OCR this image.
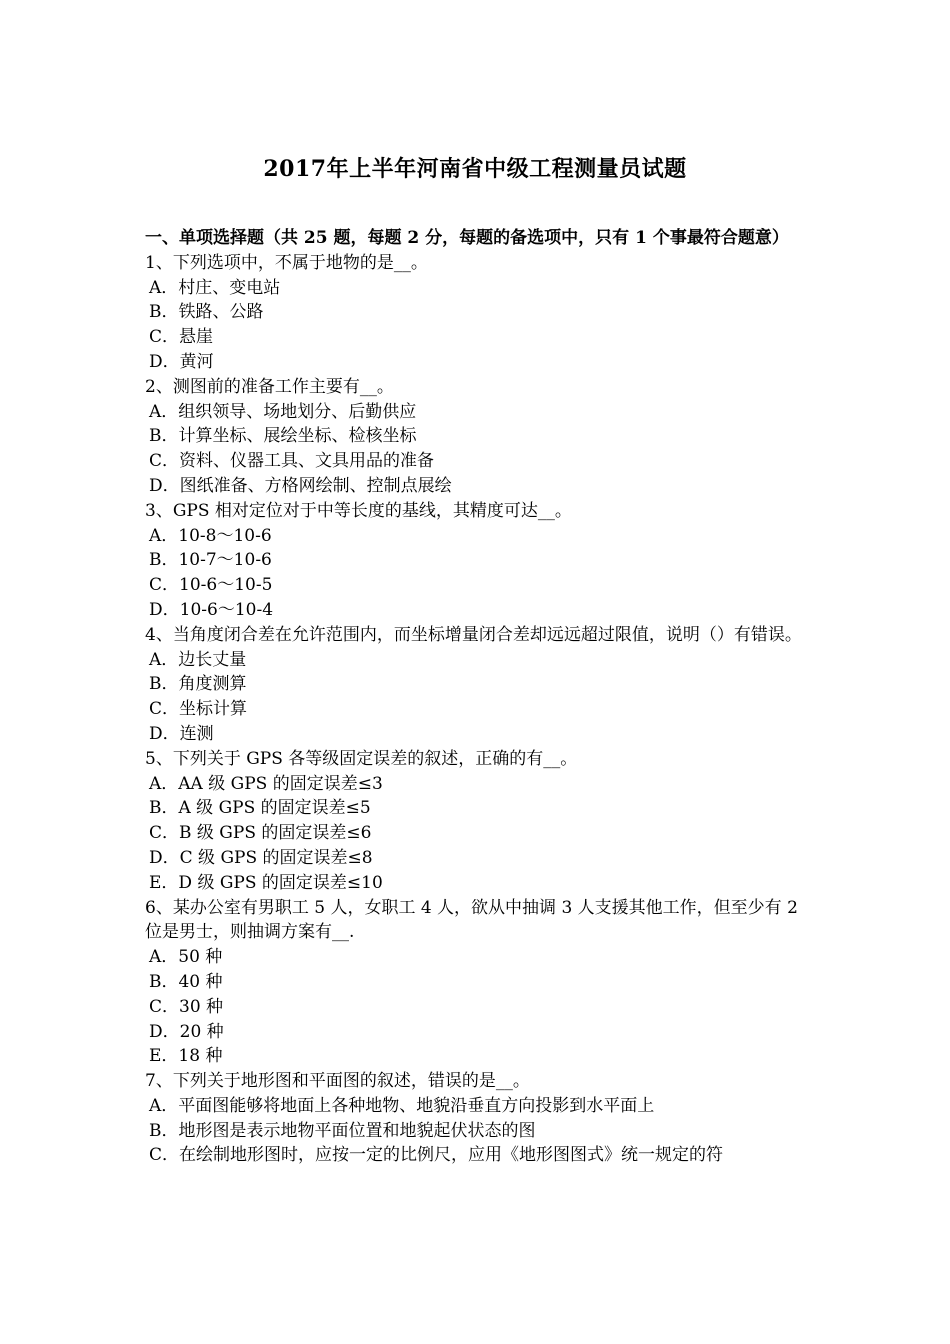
2017年上半年河南省中级工程测量员试题
一、单项选择题（共 25 题，每题 2 分，每题的备选项中，只有 1 个事最符合题意）
1、下列选项中，不属于地物的是__。
A．村庄、变电站
B．铁路、公路
C．悬崖
D．黄河
2、测图前的准备工作主要有__。
A．组织领导、场地划分、后勤供应
B．计算坐标、展绘坐标、检核坐标
C．资料、仪器工具、文具用品的准备
D．图纸准备、方格网绘制、控制点展绘
3、GPS 相对定位对于中等长度的基线，其精度可达__。
A．10-8～10-6
B．10-7～10-6
C．10-6～10-5
D．10-6～10-4
4、当角度闭合差在允许范围内，而坐标增量闭合差却远远超过限值，说明（）有错误。
A．边长丈量
B．角度测算
C．坐标计算
D．连测
5、下列关于 GPS 各等级固定误差的叙述，正确的有__。
A．AA 级 GPS 的固定误差≤3
B．A 级 GPS 的固定误差≤5
C．B 级 GPS 的固定误差≤6
D．C 级 GPS 的固定误差≤8
E．D 级 GPS 的固定误差≤10
6、某办公室有男职工 5 人，女职工 4 人，欲从中抽调 3 人支援其他工作，但至少有 2 位是男士，则抽调方案有__.
A．50 种
B．40 种
C．30 种
D．20 种
E．18 种
7、下列关于地形图和平面图的叙述，错误的是__。
A．平面图能够将地面上各种地物、地貌沿垂直方向投影到水平面上
B．地形图是表示地物平面位置和地貌起伏状态的图
C．在绘制地形图时，应按一定的比例尺，应用《地形图图式》统一规定的符
